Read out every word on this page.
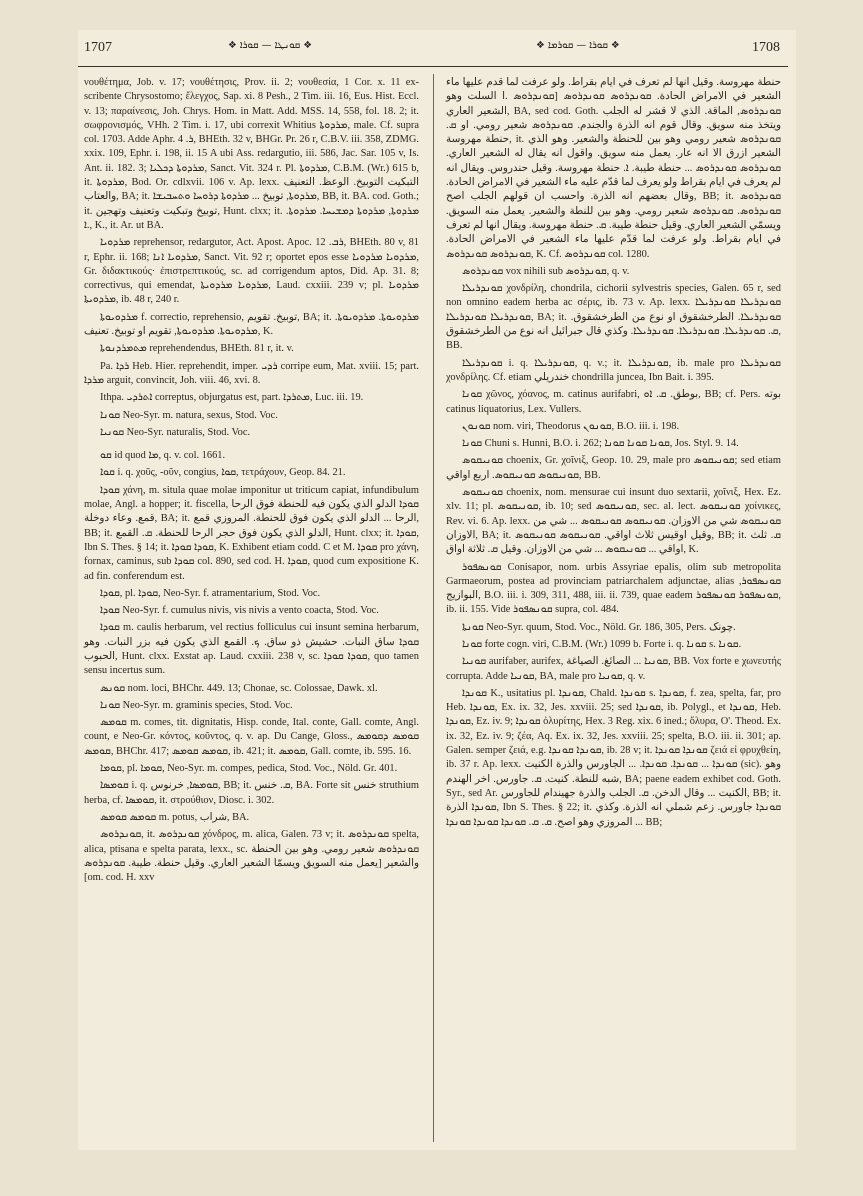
1707	❖ ܩܘܢܛܐ — ܩܘܪܐ ❖	❖ ܩܘܪܐ — ܩܘܪܡܐ ❖	1708

νουθέτημα, Job. v. 17; νουθέτησις, Prov. ii. 2; νουθεσία, 1 Cor. x. 11 ex-scribente Chrysostomo; ἔλεγχος, Sap. xi. 8 Pesh., 2 Tim. iii. 16, Eus. Hist. Eccl. v. 13; παραίνεσις, Joh. Chrys. Hom. in Matt. Add. MSS. 14, 558, fol. 18. 2; it. σωφρονισμός, VHh. 2 Tim. i. 17, ubi correxit Whitius ܡܪܕܘܬܐ, male. Cf. supra col. 1703. Adde Aphr. ܪ. 4, BHEth. 32 v, BHGr. Pr. 26 r, C.B.V. iii. 358, ZDMG. xxix. 109, Ephr. i. 198, ii. 15 A ubi Ass. redargutio, iii. 586, Jac. Sar. 105 v, Is. Ant. ii. 182. 3; ܡܪܕܘܬܐ ܕܟܠܝܐ, Sanct. Vit. 324 r. Pl. ܡܪܕܘܬܐ, C.B.M. (Wr.) 615 b, it. ܡܪܕܘܬܐ, Bod. Or. cdlxvii. 106 v. Ap. lexx. التبكيت التوبيخ. الوعظ. التعنيف والعتاب, BA; it. ܡܪܕܘܬܐ, توبيخ ... ܡܪܕܘܬܐ ܕܪܘܚܐ ܘܬܚܒܝܫܐ, BB, it. BA. cod. Goth.; it. توبيخ وتبكيت وتعنيف وتهجين, Hunt. clxx; it. ܡܪܕܘܬܐ, ܡܪܕܘܬܐ ܕܡܫܝܚܐ. ܡܪܕܘܬܐ. ܐ., K., it. Ar. ut BA.

ܡܪܕܘܝܐ reprehensor, redargutor, Act. Apost. Apoc. ܪܒ. 12, BHEth. 80 v, 81 r, Ephr. ii. 168; ܡܪܕܘܝܐ ܐܢܐ, Sanct. Vit. 92 r; oportet epos esse ܡܪܕܘܝܐ ܡܪܕܘܝܐ, Gr. διδακτικούς· ἐπιστρεπτικούς, sc. ad corrigendum aptos, Did. Ap. 31. 8; correctivus, qui emendat, ܡܪܕܘܝܐ ܡܪܕܘܝܬܐ, Laud. cxxiii. 239 v; pl. ܡܪܕܘܝܐ ܡܪܕܘܝܬܐ, ib. 48 r, 240 r.

ܡܪܕܘܝܘܬܐ f. correctio, reprehensio, توبيخ. تقويم, BA; it. ܡܪܕܘܝܘܬܐ. ܡܪܕܘܝܘܬܐ. ܡܪܕܘܝܘܬܐ. ܡܪܕܘܝܘܬܐ, تقويم او توبيخ. تعنيف, K.

ܡܬܡܪܕܢܘܬܐ reprehendendus, BHEth. 81 r, it. v.

Pa. ܪܕܐ Heb. Hier. reprehendit, imper. ܪܕܝ corripe eum, Mat. xviii. 15; part. ܡܪܕܐ arguit, convincit, Joh. viii. 46, xvi. 8.

Ithpa. ܐܬܪܕܝ correptus, objurgatus est, part. ܡܬܪܕܐ, Luc. iii. 19.

ܩܘܢܐ Neo-Syr. m. natura, sexus, Stod. Voc.

ܩܘܢܝܐ Neo-Syr. naturalis, Stod. Voc.

ܩܘ id quod ܡܐ, q. v. col. 1661.

ܩܘܐ i. q. χοῦς, -οῦν, congius, ܩܘܐ, τετράχουν, Geop. 84. 21.

ܩܘܕܐ χάνη, m. situla quae molae imponitur ut triticum capiat, infundibulum molae, Angl. a hopper; it. fiscella, ܩܘܕܐ الدلو الذي يكون فيه للحنطة فوق الرحا قمع. وعاء دوخلة, BA; it. الرحا ... الدلو الذي يكون فوق للحنطة. المروزي قمع, BB; it. الدلو الذي يكون فوق حجر الرحا للحنطة. ܩ. القمع, Hunt. clxx; it. ܩܘܕܐ, Ibn S. Thes. § 14; it. ܩܘܕܐ ܩܘܕܐ, K. Exhibent etiam codd. C et M. ܩܘܕܐ pro χάνη, fornax, caminus, sub ܩܘܕܐ col. 890, sed cod. H. ܩܘܕܐ, quod cum expositione K. ad fin. conferendum est.

ܩܘܕܐ, pl. ܩܘܕܐ, Neo-Syr. f. atramentarium, Stod. Voc.

ܩܘܕܐ Neo-Syr. f. cumulus nivis, vis nivis a vento coacta, Stod. Voc.

ܩܘܕܐ m. caulis herbarum, vel rectius folliculus cui insunt semina herbarum, ܩܘܕܐ ساق النبات. حشيش ذو ساق. ܟ. القمع الذي يكون فيه بزر النبات. وهو الحبوب, Hunt. clxx. Exstat ap. Laud. cxxiii. 238 v, sc. ܩܘܕܐ ܩܘܕܐ, quo tamen sensu incertus sum.

ܩܘܢܣ nom. loci, BHChr. 449. 13; Chonae, sc. Colossae, Dawk. xl.

ܩܘܢܐ Neo-Syr. m. graminis species, Stod. Voc.

ܩܘܡܣ m. comes, tit. dignitatis, Hisp. conde, Ital. conte, Gall. comte, Angl. count, e Neo-Gr. κόντος, κοῦντος, q. v. ap. Du Cange, Gloss., ܩܘܡܣ ܕܩܘܡܣ ܩܘܡܣ, BHChr. 417; ܩܘܡܣ ܩܘܡܣ, ib. 421; it. ܩܘܡܣ, Gall. comte, ib. 595. 16.

ܩܘܡܐ, pl. ܩܘܡܐ, Neo-Syr. m. compes, pedica, Stod. Voc., Nöld. Gr. 401.

ܩܘܡܣܐ i. q. ܩܘܡܣܐ, خرنوس, BB; it. ܩ. خنس, BA. Forte sit خنس struthium herba, cf. ܩܘܡܣܐ, it. στρούθιον, Diosc. i. 302.

ܩܘܡܣ ܩܘܡܣ m. potus, شراب, BA.

ܩܘܢܕܪܘܣ, it. ܩܘܢܕܪܘܣ χόνδρος, m. alica, Galen. 73 v; it. ܩܘܢܕܪܘܣ spelta, alica, ptisana e spelta parata, lexx., sc. ܩܘܢܕܪܘܣ شعير رومي. وهو بين الحنطة والشعير [يعمل منه السويق ويسمّا الشعير العاري. وقيل حنطة. طيبة. ܩܘܢܕܪܘܣ [om. cod. H. xxv

حنطة مهروسة. وقيل انها لم تعرف في ايام بقراط. ولو عرفت لما قدم عليها ماء الشعير في الامراض الحادة. ܩܘܢܕܪܘܣ ܩܘܢܕܪܘܣ [ܩܘܢܕܪܘܣ .ا السلت وهو الشعير العاري, BA, sed cod. Goth. ܩܘܢܕܪܘܣ, الماقة. الذي لا قشر له الجلب ويتخذ منه سويق. وقال قوم انه الذرة والجندم. ܩܘܢܕܪܘܣ شعير رومي. او ܩ. حنطة مهروسة, it. ܩܘܢܕܪܘܣ شعير رومي وهو بين للحنطة والشعير. وهو الذي الشعير ازرق الا انه عار. يعمل منه سويق. واقول انه يقال له الشعير العاري. ܩܘܢܕܪܘܣ ܩܘܢܕܪܘܣ ... حنطة طيبة. ܐ. حنطة مهروسة. وقيل حندروس. ويقال انه لم يعرف في ايام بقراط ولو يعرف لما قدّم عليه ماء الشعير في الامراض الحادة. وقال بعضهم انه الذرة. واحسب ان قولهم الجلب اصح, BB; it. ܩܘܢܕܪܘܣ ܩܘܢܕܪܘܣ. ܩܘܢܕܪܘܣ شعير رومي. وهو بين للنطة والشعير. يعمل منه السويق. ويسمّي الشعير العاري. وقيل حنطة طيبة. ܩ. حنطة مهروسة. ويقال انها لم تعرف في ايام بقراط. ولو عرفت لما قدّم عليها ماء الشعير في الامراض الحادة. ܩܘܢܕܪܘܣ ܩܘܢܕܪܘܣ, K. Cf. ܩܘܢܕܪܘܣ col. 1280.

ܩܘܢܕܪܘܣ vox nihili sub ܩܘܢܕܪܘܣ, q. v.

ܩܘܢܕܪܝܠܐ χονδρίλη, chondrila, cichorii sylvestris species, Galen. 65 r, sed non omnino eadem herba ac σέρις, ib. 73 v. Ap. lexx. ܩܘܢܕܪܝܠܐ ܩܘܢܕܪܝܠܐ ܩܘܢܕܪܝܠܐ ܩܘܢܕܪܝܠܐ, BA; it. ܩܘܢܕܪܝܠܐ. الطرخشقوق او نوع من الطرخشقوق. ܩ. ܩܘܢܕܪܝܠܐ. ܩܘܢܕܪܝܠܐ. ܩܘܢܕܪܝܠܐ. وكذي قال جبرائيل انه نوع من الطرخشقوق, BB.

ܩܘܢܕܪܝܠܐ i. q. ܩܘܢܕܪܝܠܐ, q. v.; it. ܩܘܢܕܪܝܠܐ, ib. male pro ܩܘܢܕܪܝܠܐ χονδρίλης. Cf. etiam خندريلي chondrilla juncea, Ibn Bait. i. 395.

ܩܘܢܐ χῶνος, χόανος, m. catinus aurifabri, بوطق. ܩ. ܐܘ, BB; cf. Pers. بوته catinus liquatorius, Lex. Vullers.

ܩܘܢܘܢ nom. viri, Theodorus ܩܘܢܘܢ, B.O. iii. i. 198.

ܩܘܢܐ Chuni s. Hunni, B.O. i. 262; ܩܘܢܐ ܩܘܢܐ ܩܘܢܐ, Jos. Styl. 9. 14.

ܩܘܢܝܩܘܣ choenix, Gr. χοῖνιξ, Geop. 10. 29, male pro ܩܘܢܝܩܘܣ; sed etiam ܩܘܢܝܩܘܣ ܩܘܢܝܩܘܣ. اربع اواقي, BB.

ܩܘܢܝܩܘܣ choenix, nom. mensurae cui insunt duo sextarii, χοῖνιξ, Hex. Ez. xlv. 11; pl. ܩܘܢܝܩܘܣ, ib. 10; sed ܩܘܢܝܩܘܣ, sec. al. lect. ܩܘܢܝܩܘܣ χοίνικες, Rev. vi. 6. Ap. lexx. ܩܘܢܝܩܘܣ شي من الاوزان. ܩܘܢܝܩܘܣ ܩܘܢܝܩܘܣ ... شي من الاوزان, BA; it. وقيل اوقيس ثلاث اواقي. ܩܘܢܝܩܘܣ ܩܘܢܝܩܘܣ, BB; it. ܩ. ثلث اواقي ... ܩܘܢܝܩܘܣ ... شي من الاوزان. وقيل ܩ. ثلاثة اواق, K.

ܩܘܢܣܦܘܪ Conisapor, nom. urbis Assyriae epalis, olim sub metropolita Garmaeorum, postea ad provinciam patriarchalem adjunctae, alias ܩܘܢܣܦܘܪ, البوازيج, B.O. iii. i. 309, 311, 488, iii. ii. 739, quae eadem ܩܘܢܣܦܘܪ ܩܘܢܣܦܘܪ, ib. ii. 155. Vide ܩܘܢܣܦܘܪ supra, col. 484.

ܩܘܢܬܐ Neo-Syr. quum, Stod. Voc., Nöld. Gr. 186, 305, Pers. چونک.

ܩܘܢܐ forte cogn. viri, C.B.M. (Wr.) 1099 b. Forte i. q. ܩܘܢܐ s. ܩܘܢܐ.

ܩܘܢܝܐ aurifaber, aurifex, ܩܘܢܝܐ ... الصائغ. الصياغة, BB. Vox forte e χωνευτής corrupta. Adde ܩܘܢܝܐ, BA, male pro ܩܘܢܝܐ, q. v.

ܩܘܢܕܐ K., usitatius pl. ܩܘܢܕܐ, Chald. ܩܘܢܕܐ s. ܩܘܢܕܐ, f. zea, spelta, far, pro Heb. ܩܘܢܕܐ, Ex. ix. 32, Jes. xxviii. 25; sed ܩܘܢܕܐ, ib. Polygl., et ܩܘܢܕܐ, Heb. ܩܘܢܕܐ, Ez. iv. 9; ܩܘܢܕܐ ὀλυρίτης, Hex. 3 Reg. xix. 6 ined.; ὄλυρα, O'. Theod. Ex. ix. 32, Ez. iv. 9; ζέα, Aq. Ex. ix. 32, Jes. xxviii. 25; spelta, B.O. iii. ii. 301; ap. Galen. semper ζειά, e.g. ܩܘܢܕܐ ܩܘܢܕܐ, ib. 28 v; it. ܩܘܢܕܐ ܩܘܢܕܐ ζειά εἰ φρυχθείη, ib. 37 r. Ap. lexx. ܩܘܢܕܐ ... ܩܘܢܕܐ. ܩܘܢܕܐ. ... الجاورس والذرة الكنيت (sic). وهو شبه للنطة. كنيت. ܩ. جاورس. اخر الهندم, BA; paene eadem exhibet cod. Goth. Syr., sed Ar. الكنيت ... وقال الدخن. ܩ. الجلب والذرة جهيندام للجاورس, BB; it. ܩܘܢܕܐ الذرة, Ibn S. Thes. § 22; it. ܩܘܢܕܐ جاورس. زعم شملي انه الذرة. وكذي المروزي وهو اصح. ܩ. ܩ. ܩܘܢܕܐ ܩܘܢܕܐ ܩܘܢܕܐ ... BB;
